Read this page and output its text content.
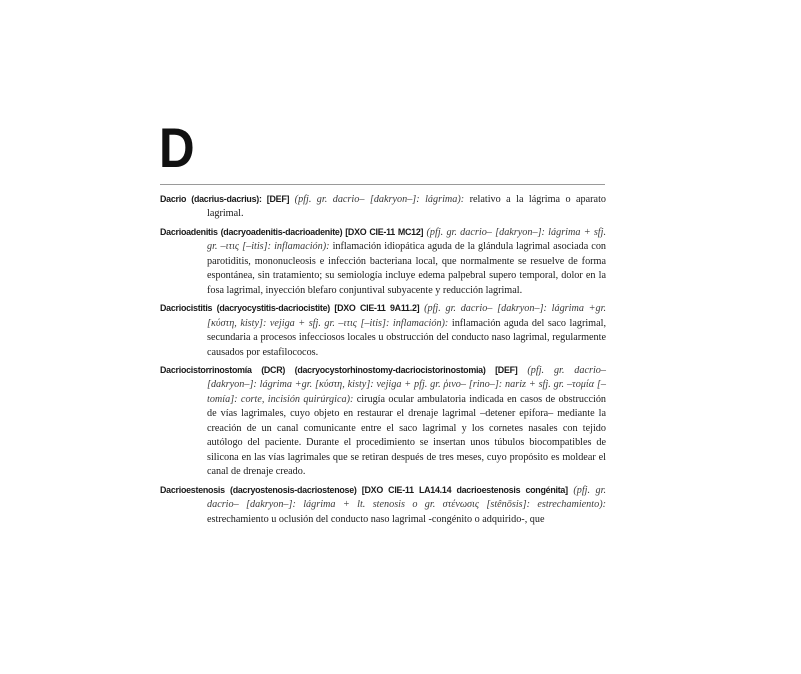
D

Dacrio (dacrius-dacrius): [DEF] (pfj. gr. dacrio– [dakryon–]: lágrima): relativo a la lágrima o aparato lagrimal.

Dacrioadenitis (dacryoadenitis-dacrioadenite) [DXO CIE-11 MC12] (pfj. gr. dacrio– [dakryon–]: lágrima + sfj. gr. –ιτις [–itis]: inflamación): inflamación idiopática aguda de la glándula lagrimal asociada con parotiditis, mononucleosis e infección bacteriana local, que normalmente se resuelve de forma espontánea, sin tratamiento; su semiología incluye edema palpebral supero temporal, dolor en la fosa lagrimal, inyección blefaro conjuntival subyacente y reducción lagrimal.

Dacriocistitis (dacryocystitis-dacriocistite) [DXO CIE-11 9A11.2] (pfj. gr. dacrio– [dakryon–]: lágrima +gr. [κύστη, kisty]: vejiga + sfj. gr. –ιτις [–itis]: inflamación): inflamación aguda del saco lagrimal, secundaria a procesos infecciosos locales u obstrucción del conducto naso lagrimal, regularmente causados por estafilococos.

Dacriocistorrinostomía (DCR) (dacryocystorhinostomy-dacriocistorinostomia) [DEF] (pfj. gr. dacrio– [dakryon–]: lágrima +gr. [κύστη, kisty]: vejiga + pfj. gr. ῥινο– [rino–]: nariz + sfj. gr. –τομία [–tomía]: corte, incisión quirúrgica): cirugía ocular ambulatoria indicada en casos de obstrucción de vías lagrimales, cuyo objeto en restaurar el drenaje lagrimal –detener epífora– mediante la creación de un canal comunicante entre el saco lagrimal y los cornetes nasales con tejido autólogo del paciente. Durante el procedimiento se insertan unos túbulos biocompatibles de silicona en las vías lagrimales que se retiran después de tres meses, cuyo propósito es moldear el canal de drenaje creado.

Dacrioestenosis (dacryostenosis-dacriostenose) [DXO CIE-11 LA14.14 dacrioestenosis congénita] (pfj. gr. dacrio– [dakryon–]: lágrima + lt. stenosis o gr. στένωσις [stênōsis]: estrechamiento): estrechamiento u oclusión del conducto naso lagrimal -congénito o adquirido-, que
